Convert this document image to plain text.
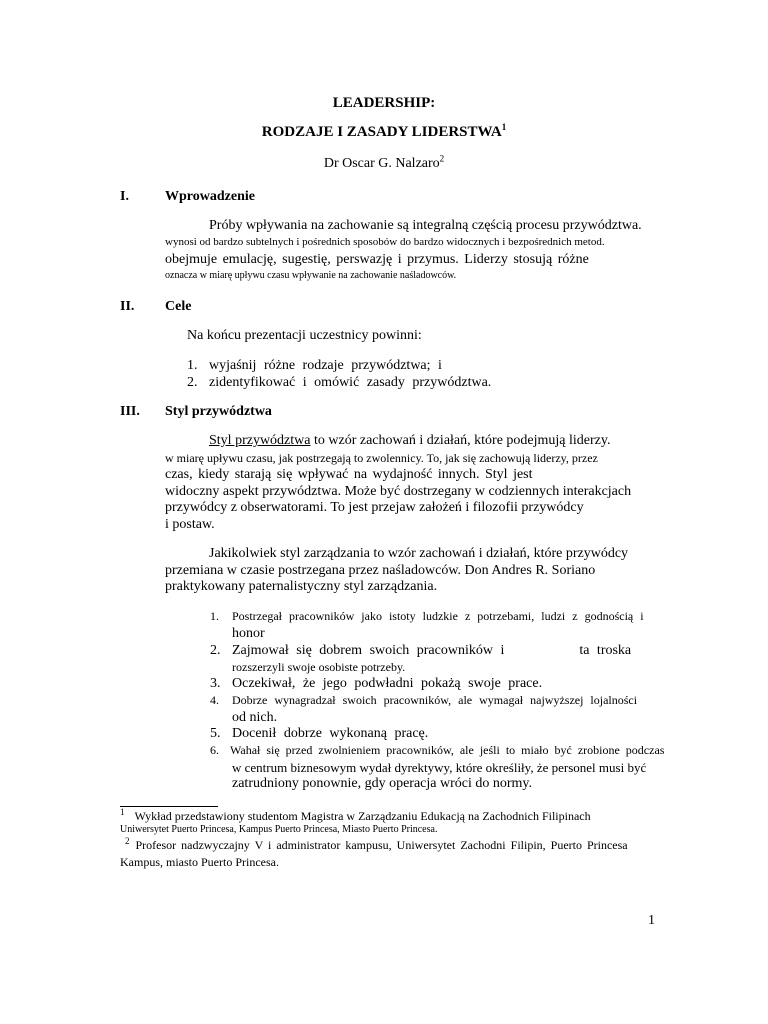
LEADERSHIP:
RODZAJE I ZASADY LIDERSTWA$^1$
Dr Oscar G. Nalzaro$^2$
I.	Wprowadzenie
Próby wpływania na zachowanie są integralną częścią procesu przywództwa.
wynosi od bardzo subtelnych i pośrednich sposobów do bardzo widocznych i bezpośrednich metod.
obejmuje emulację, sugestię, perswazję i przymus. Liderzy stosują różne
oznacza w miarę upływu czasu wpływanie na zachowanie naśladowców.
II. Cele
Na końcu prezentacji uczestnicy powinni:
1. wyjaśnij różne rodzaje przywództwa; i
2. zidentyfikować i omówić zasady przywództwa.
III. Styl przywództwa
Styl przywództwa to wzór zachowań i działań, które podejmują liderzy.
w miarę upływu czasu, jak postrzegają to zwolennicy. To, jak się zachowują liderzy, przez
czas, kiedy starają się wpływać na wydajność innych. Styl jest
widoczny aspekt przywództwa. Może być dostrzegany w codziennych interakcjach
przywódcy z obserwatorami. To jest przejaw założeń i filozofii przywódcy
i postaw.
Jakikolwiek styl zarządzania to wzór zachowań i działań, które przywódcy
przemiana w czasie postrzegana przez naśladowców. Don Andres R. Soriano
praktykowany paternalistyczny styl zarządzania.
1. Postrzegał pracowników jako istoty ludzkie z potrzebami, ludzi z godnością i
honor
2. Zajmował się dobrem swoich pracowników i          ta troska
rozszerzyli swoje osobiste potrzeby.
3. Oczekiwał, że jego podwładni pokażą swoje prace.
4. Dobrze wynagradzał swoich pracowników, ale wymagał najwyższej lojalności
od nich.
5. Docenił dobrze wykonaną pracę.
6. Wahał się przed zwolnieniem pracowników, ale jeśli to miało być zrobione podczas
w centrum biznesowym wydał dyrektywy, które określiły, że personel musi być
zatrudniony ponownie, gdy operacja wróci do normy.
$^1$ Wykład przedstawiony studentom Magistra w Zarządzaniu Edukacją na Zachodnich Filipinach
Uniwersytet Puerto Princesa, Kampus Puerto Princesa, Miasto Puerto Princesa.
$^2$ Profesor nadzwyczajny V i administrator kampusu, Uniwersytet Zachodni Filipin, Puerto Princesa
Kampus, miasto Puerto Princesa.
1
